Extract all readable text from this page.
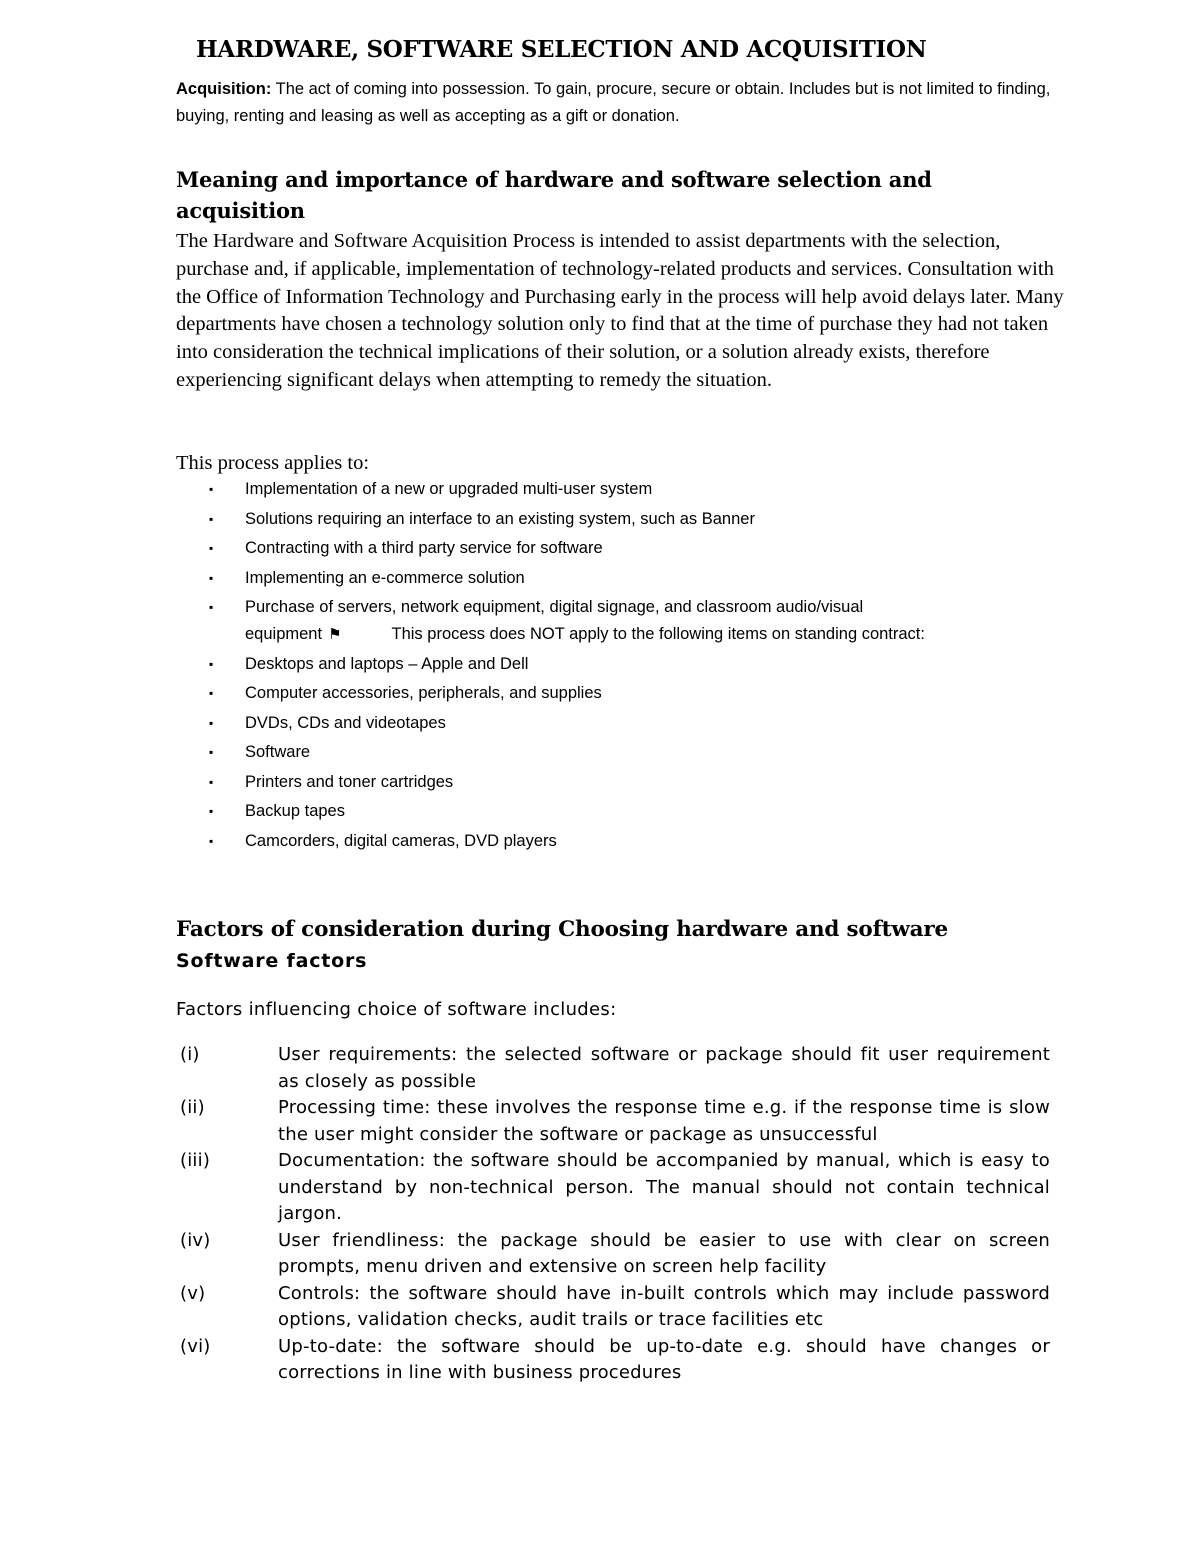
HARDWARE, SOFTWARE SELECTION AND ACQUISITION
Acquisition: The act of coming into possession. To gain, procure, secure or obtain. Includes but is not limited to finding, buying, renting and leasing as well as accepting as a gift or donation.
Meaning and importance of hardware and software selection and acquisition
The Hardware and Software Acquisition Process is intended to assist departments with the selection, purchase and, if applicable, implementation of technology-related products and services. Consultation with the Office of Information Technology and Purchasing early in the process will help avoid delays later. Many departments have chosen a technology solution only to find that at the time of purchase they had not taken into consideration the technical implications of their solution, or a solution already exists, therefore experiencing significant delays when attempting to remedy the situation.
This process applies to:
▪ Implementation of a new or upgraded multi-user system
▪ Solutions requiring an interface to an existing system, such as Banner
▪ Contracting with a third party service for software
▪ Implementing an e-commerce solution
▪ Purchase of servers, network equipment, digital signage, and classroom audio/visual equipment ⚑	This process does NOT apply to the following items on standing contract:
▪ Desktops and laptops – Apple and Dell
▪ Computer accessories, peripherals, and supplies
▪ DVDs, CDs and videotapes
▪ Software
▪ Printers and toner cartridges
▪ Backup tapes
▪ Camcorders, digital cameras, DVD players
Factors of consideration during Choosing hardware and software
Software factors
Factors influencing choice of software includes:
(i)	User requirements: the selected software or package should fit user requirement as closely as possible
(ii)	Processing time: these involves the response time e.g. if the response time is slow the user might consider the software or package as unsuccessful
(iii)	Documentation: the software should be accompanied by manual, which is easy to understand by non-technical person. The manual should not contain technical jargon.
(iv)	User friendliness: the package should be easier to use with clear on screen prompts, menu driven and extensive on screen help facility
(v)	Controls: the software should have in-built controls which may include password options, validation checks, audit trails or trace facilities etc
(vi)	Up-to-date: the software should be up-to-date e.g. should have changes or corrections in line with business procedures
